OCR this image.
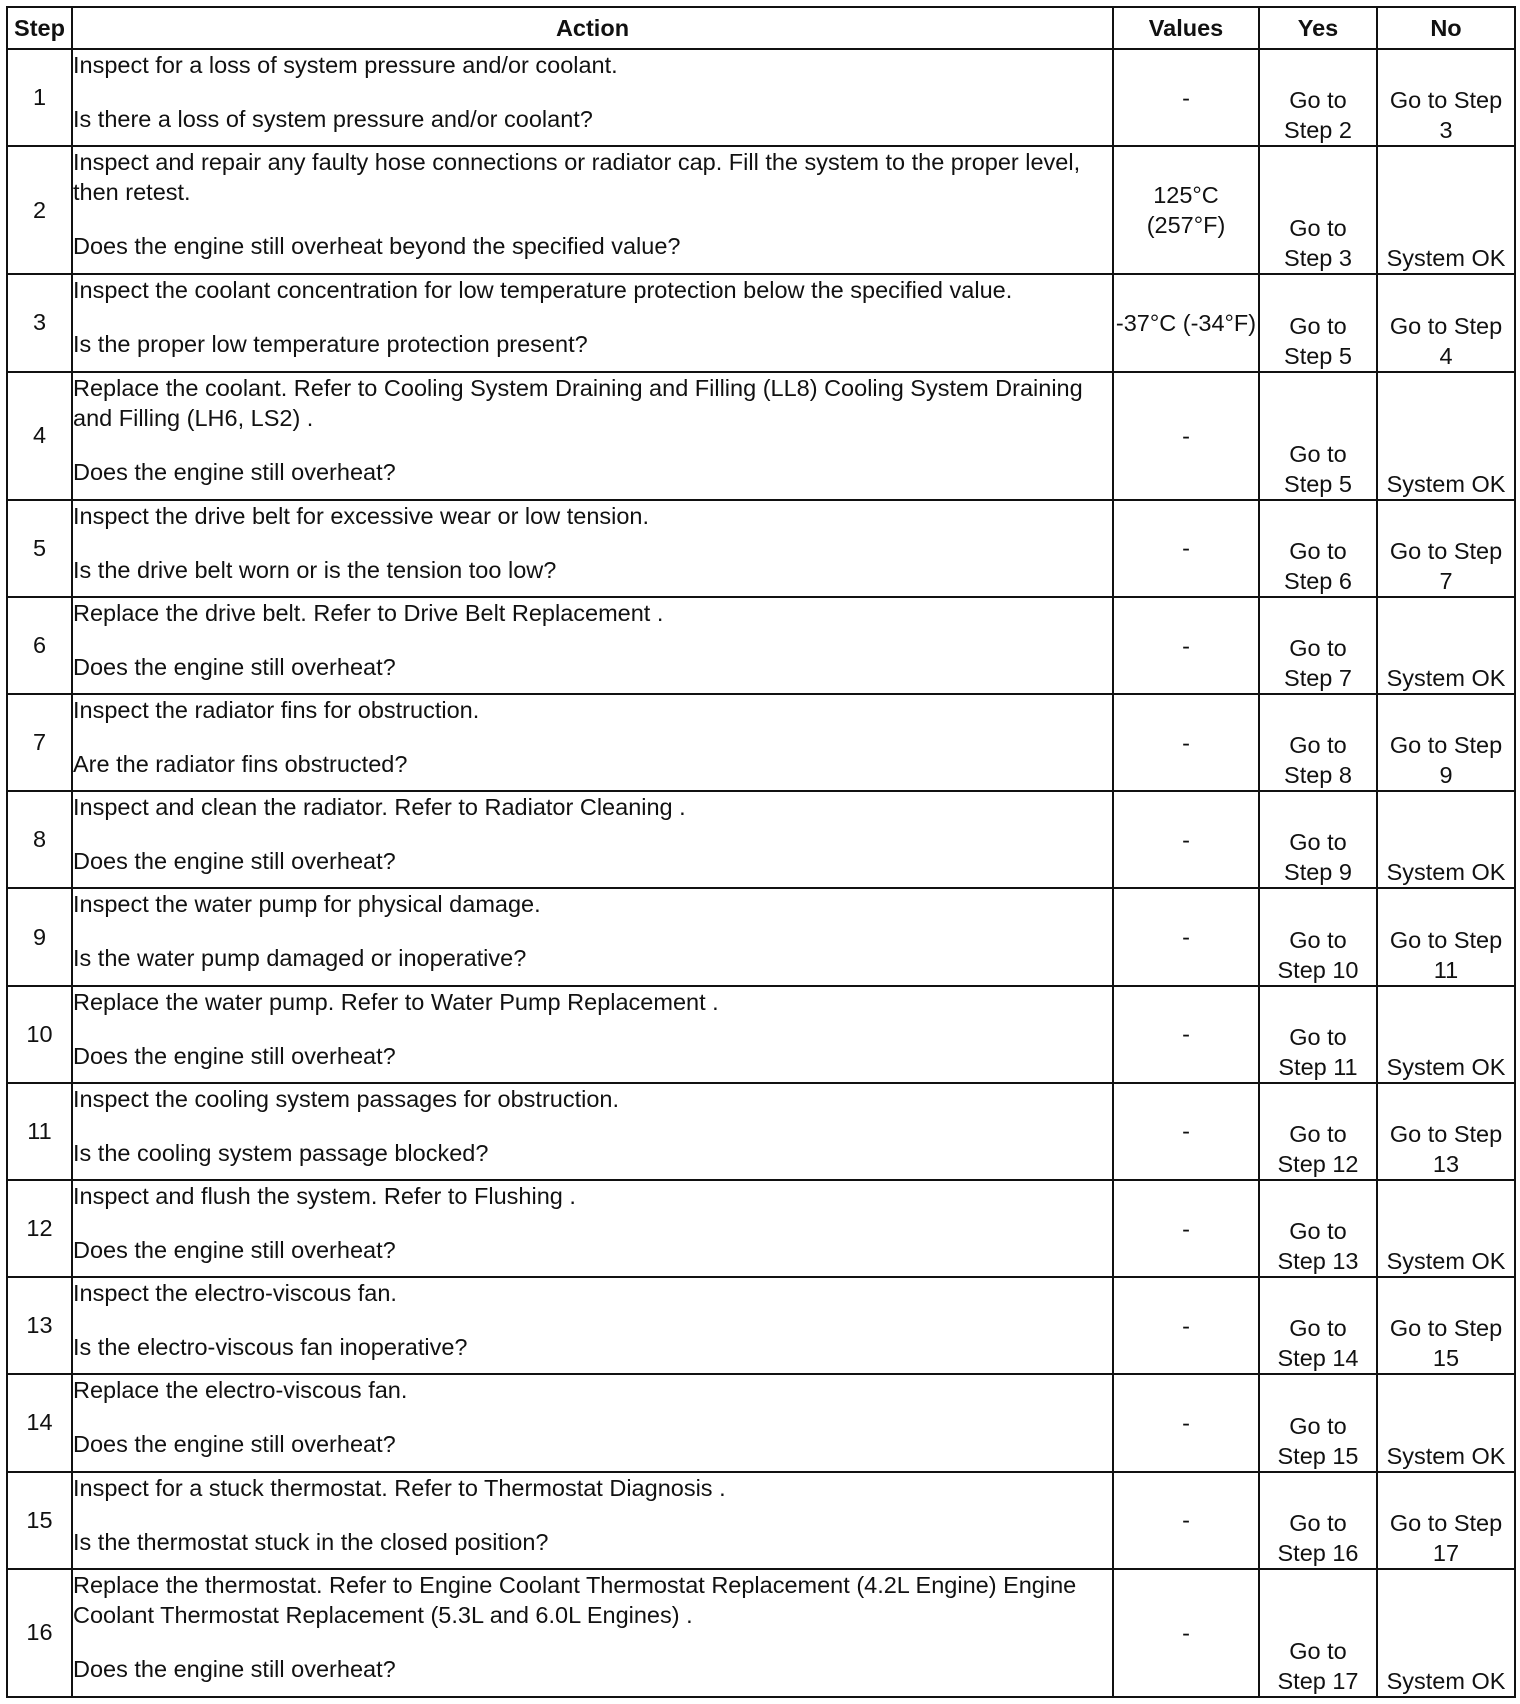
Step	Action	Values	Yes	No
1	Inspect for a loss of system pressure and/or coolant.
Is there a loss of system pressure and/or coolant?	-	Go to Step 2	Go to Step 3
2	Inspect and repair any faulty hose connections or radiator cap. Fill the system to the proper level, then retest.
Does the engine still overheat beyond the specified value?	125°C (257°F)	Go to Step 3	System OK
3	Inspect the coolant concentration for low temperature protection below the specified value.
Is the proper low temperature protection present?	-37°C (-34°F)	Go to Step 5	Go to Step 4
4	Replace the coolant. Refer to Cooling System Draining and Filling (LL8) Cooling System Draining and Filling (LH6, LS2) .
Does the engine still overheat?	-	Go to Step 5	System OK
5	Inspect the drive belt for excessive wear or low tension.
Is the drive belt worn or is the tension too low?	-	Go to Step 6	Go to Step 7
6	Replace the drive belt. Refer to Drive Belt Replacement .
Does the engine still overheat?	-	Go to Step 7	System OK
7	Inspect the radiator fins for obstruction.
Are the radiator fins obstructed?	-	Go to Step 8	Go to Step 9
8	Inspect and clean the radiator. Refer to Radiator Cleaning .
Does the engine still overheat?	-	Go to Step 9	System OK
9	Inspect the water pump for physical damage.
Is the water pump damaged or inoperative?	-	Go to Step 10	Go to Step 11
10	Replace the water pump. Refer to Water Pump Replacement .
Does the engine still overheat?	-	Go to Step 11	System OK
11	Inspect the cooling system passages for obstruction.
Is the cooling system passage blocked?	-	Go to Step 12	Go to Step 13
12	Inspect and flush the system. Refer to Flushing .
Does the engine still overheat?	-	Go to Step 13	System OK
13	Inspect the electro-viscous fan.
Is the electro-viscous fan inoperative?	-	Go to Step 14	Go to Step 15
14	Replace the electro-viscous fan.
Does the engine still overheat?	-	Go to Step 15	System OK
15	Inspect for a stuck thermostat. Refer to Thermostat Diagnosis .
Is the thermostat stuck in the closed position?	-	Go to Step 16	Go to Step 17
16	Replace the thermostat. Refer to Engine Coolant Thermostat Replacement (4.2L Engine) Engine Coolant Thermostat Replacement (5.3L and 6.0L Engines) .
Does the engine still overheat?	-	Go to Step 17	System OK
